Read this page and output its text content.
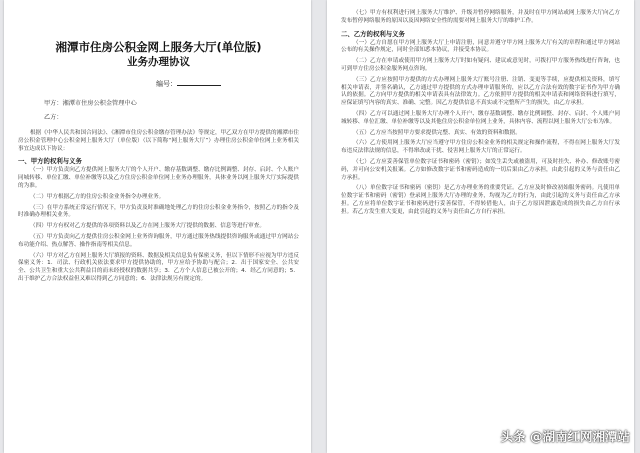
湘潭市住房公积金网上服务大厅(单位版)

业务办理协议

编号：

甲方：湘潭市住房公积金管理中心

乙方：

根据《中华人民共和国合同法》、《湘潭市住房公积金缴存管理办法》等规定，甲乙双方在甲方提供的湘潭市住房公积金管理中心公积金网上服务大厅（单位版）（以下简称“网上服务大厅”）办理住房公积金单位网上业务相关事宜达成以下协议：

一、甲方的权利与义务

（一）甲方负责向乙方提供网上服务大厅的个人开户、缴存基数调整、缴存比例调整、封存、启封、个人账户同城转移、单位汇缴、单位补缴等以及乙方住房公积金单位网上业务办理服务，具体业务以网上服务大厅实际提供的为准。

（二）甲方根据乙方的住房公积金业务指令办理业务。

（三）在甲方系统正常运行情况下，甲方负责及时准确地处理乙方的住房公积金业务指令，按照乙方的指令及时准确办理相关业务。

（四）甲方有权对乙方提供的各项资料以及乙方在网上服务大厅提供的数据、信息等进行审查。

（五）甲方负责向乙方提供住房公积金网上业务咨询服务，甲方通过服务热线提供咨询服务或通过甲方网站公布功能介绍、热点解答、操作指南等相关信息。

（六）甲方对乙方在网上服务大厅填报的资料、数据及相关信息负有保密义务，但以下情形不应视为甲方违反保密义务：1．司法、行政机关依法要求甲方提供协助的，甲方应给予协助与配合；2．出于国家安全、公共安全、公共卫生和重大公共利益目的而未经授权的数据共享；3．乙方个人信息已被公开的；4．经乙方同意的；5．出于维护乙方合法权益但又难以得到乙方同意的；6．法律法规另有规定的。

（七）甲方有权利进行网上服务大厅维护、升级并暂停网络服务，并及时在甲方网站或网上服务大厅向乙方发布暂停网络服务的原因以及因网络安全性的需要对网上服务大厅的维护工作。

二、乙方的权利与义务

（一）乙方自愿在甲方网上服务大厅上申请注册，同意并遵守甲方网上服务大厅有关的章程和通过甲方网站公布的有关操作规定，同时全部知悉本协议，并接受本协议。

（二）乙方在申请或使用甲方网上服务大厅时如有疑问、建议或意见时，可拨打甲方服务热线进行咨询，也可到甲方住房公积金服务网点咨询。

（三）乙方应按照甲方提供的方式办理网上服务大厅账号注册、注销、变更等手续，应提供相关资料，填写相关申请表，并签名确认，乙方通过甲方提供的方式办理申请服务的，应以乙方合法有效的数字证书作为甲方确认的依据。乙方向甲方提供的相关申请表具有法律效力。乙方依照甲方提供的相关申请表和网络资料进行填写，应保证填写内容的真实、准确、完整。因乙方提供信息不真实或不完整所产生的损失，由乙方承担。

（四）乙方可以通过网上服务大厅办理个人开户、缴存基数调整、缴存比例调整、封存、启封、个人账户同城转移、单位汇缴、单位补缴等以及其他住房公积金单位网上业务，具体内容、流程以网上服务大厅公布为准。

（五）乙方应当按照甲方要求提供完整、真实、有效的资料和数据。

（六）乙方使用网上服务大厅应当遵守甲方住房公积金业务的相关规定和操作流程，不得在网上服务大厅发布违反法律法规的信息，不得窜改或干扰、侵害网上服务大厅的正常运行。

（七）乙方应妥善保管单位数字证书和密码（密钥）；如发生丢失或被盗用，可及时挂失、补办、修改账号密码，并可向公安机关报案。乙方如修改数字证书和密码造成的一切后果由乙方承担，由此引起的义务与责任由乙方承担。

（八）单位数字证书和密码（密钥）是乙方办理业务的重要凭证。乙方应及时修改初始服务密码。凡使用单位数字证书和密码（密钥）登录网上服务大厅办理的业务，均视为乙方的行为，由此引起的义务与责任由乙方承担。乙方应将单位数字证书和密码进行妥善保管，不得转借他人，由于乙方原因泄露造成的损失由乙方自行承担。若乙方发生重大变更，由此引起的义务与责任由乙方自行承担。

头条
@湖南红网湘潭站
